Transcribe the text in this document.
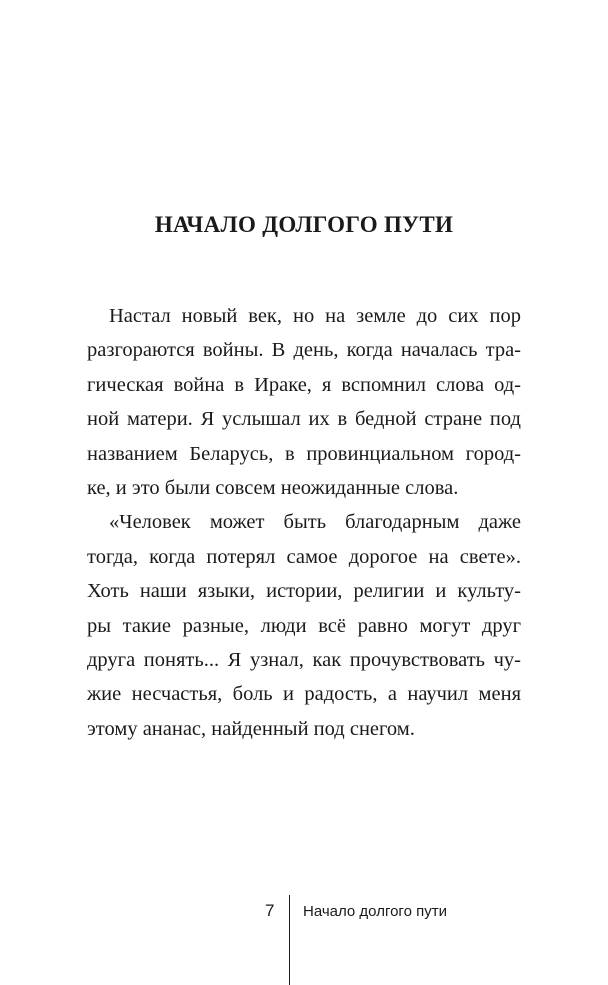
НАЧАЛО ДОЛГОГО ПУТИ
Настал новый век, но на земле до сих пор
разгораются войны. В день, когда началась тра-
гическая война в Ираке, я вспомнил слова од-
ной матери. Я услышал их в бедной стране под
названием Беларусь, в провинциальном город-
ке, и это были совсем неожиданные слова.
«Человек может быть благодарным даже
тогда, когда потерял самое дорогое на свете».
Хоть наши языки, истории, религии и культу-
ры такие разные, люди всё равно могут друг
друга понять... Я узнал, как прочувствовать чу-
жие несчастья, боль и радость, а научил меня
этому ананас, найденный под снегом.
7 Начало долгого пути
